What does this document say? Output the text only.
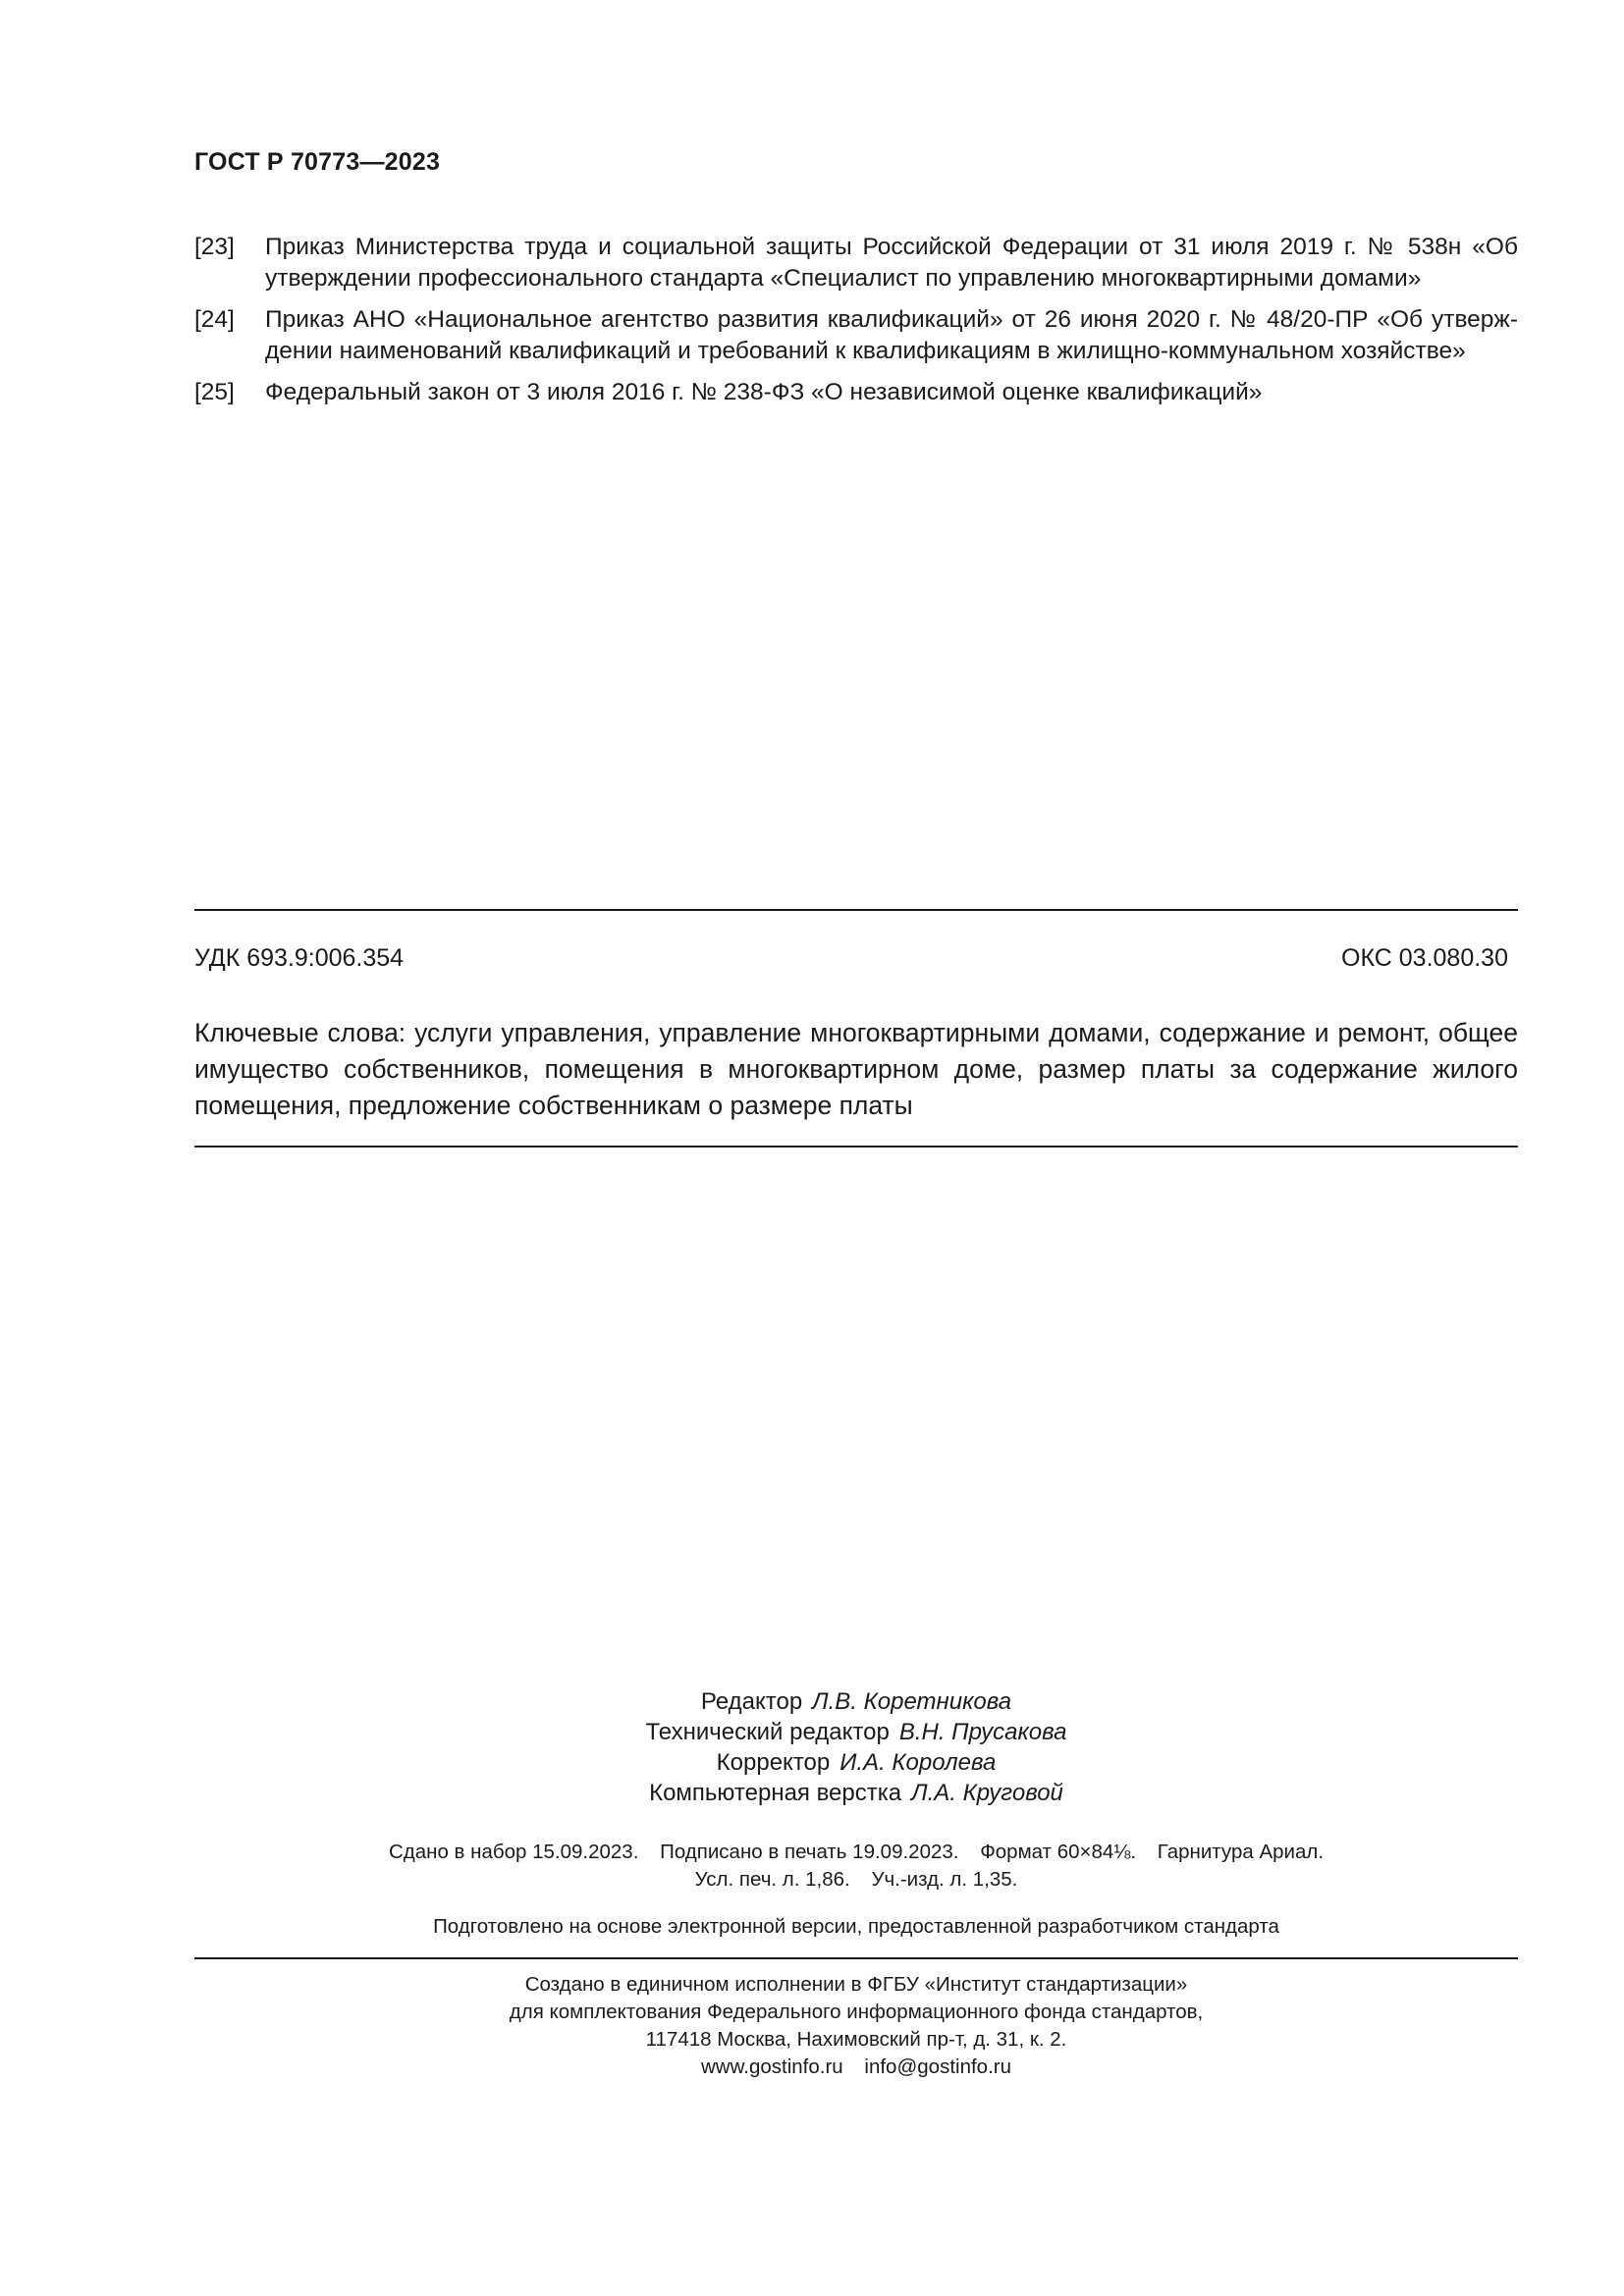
ГОСТ Р 70773—2023
[23] Приказ Министерства труда и социальной защиты Российской Федерации от 31 июля 2019 г. № 538н «Об утверждении профессионального стандарта «Специалист по управлению многоквартирными домами»
[24] Приказ АНО «Национальное агентство развития квалификаций» от 26 июня 2020 г. № 48/20-ПР «Об утверждении наименований квалификаций и требований к квалификациям в жилищно-коммунальном хозяйстве»
[25] Федеральный закон от 3 июля 2016 г. № 238-ФЗ «О независимой оценке квалификаций»
УДК 693.9:006.354	ОКС 03.080.30
Ключевые слова: услуги управления, управление многоквартирными домами, содержание и ремонт, общее имущество собственников, помещения в многоквартирном доме, размер платы за содержание жилого помещения, предложение собственникам о размере платы
Редактор Л.В. Коретникова
Технический редактор В.Н. Прусакова
Корректор И.А. Королева
Компьютерная верстка Л.А. Круговой
Сдано в набор 15.09.2023. Подписано в печать 19.09.2023. Формат 60×84⅛. Гарнитура Ариал.
Усл. печ. л. 1,86. Уч.-изд. л. 1,35.
Подготовлено на основе электронной версии, предоставленной разработчиком стандарта
Создано в единичном исполнении в ФГБУ «Институт стандартизации»
для комплектования Федерального информационного фонда стандартов,
117418 Москва, Нахимовский пр-т, д. 31, к. 2.
www.gostinfo.ru info@gostinfo.ru
